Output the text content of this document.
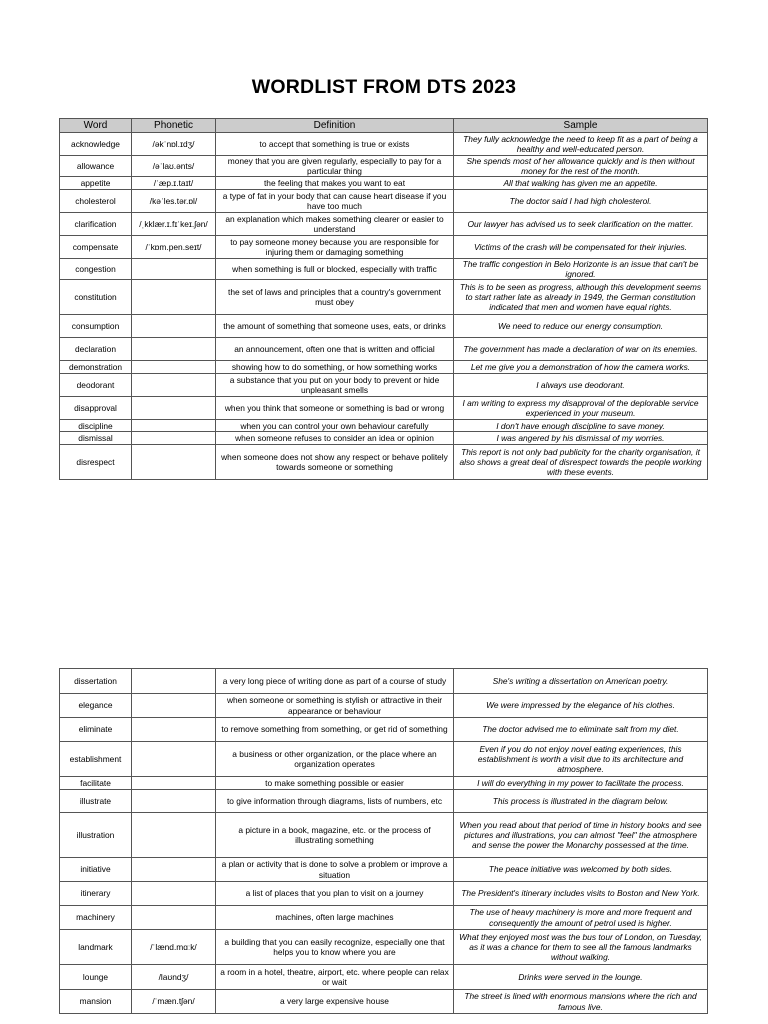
WORDLIST FROM DTS 2023
Word	Phonetic	Definition	Sample
acknowledge	/əkˈnɒl.ɪdʒ/	to accept that something is true or exists	They fully acknowledge the need to keep fit as a part of being a healthy and well-educated person.
allowance	/əˈlaʊ.ənts/	money that you are given regularly, especially to pay for a particular thing	She spends most of her allowance quickly and is then without money for the rest of the month.
appetite	/ˈæp.ɪ.taɪt/	the feeling that makes you want to eat	All that walking has given me an appetite.
cholesterol	/kəˈles.tər.ɒl/	a type of fat in your body that can cause heart disease if you have too much	The doctor said I had high cholesterol.
clarification	/ˌkklær.ɪ.fɪˈkeɪ.ʃən/	an explanation which makes something clearer or easier to understand	Our lawyer has advised us to seek clarification on the matter.
compensate	/ˈkɒm.pen.seɪt/	to pay someone money because you are responsible for injuring them or damaging something	Victims of the crash will be compensated for their injuries.
congestion		when something is full or blocked, especially with traffic	The traffic congestion in Belo Horizonte is an issue that can't be ignored.
constitution		the set of laws and principles that a country's government must obey	This is to be seen as progress, although this development seems to start rather late as already in 1949, the German constitution indicated that men and women have equal rights.
consumption		the amount of something that someone uses, eats, or drinks	We need to reduce our energy consumption.
declaration		an announcement, often one that is written and official	The government has made a declaration of war on its enemies.
demonstration		showing how to do something, or how something works	Let me give you a demonstration of how the camera works.
deodorant		a substance that you put on your body to prevent or hide unpleasant smells	I always use deodorant.
disapproval		when you think that someone or something is bad or wrong	I am writing to express my disapproval of the deplorable service experienced in your museum.
discipline		when you can control your own behaviour carefully	I don't have enough discipline to save money.
dismissal		when someone refuses to consider an idea or opinion	I was angered by his dismissal of my worries.
disrespect		when someone does not show any respect or behave politely towards someone or something	This report is not only bad publicity for the charity organisation, it also shows a great deal of disrespect towards the people working with these events.
dissertation		a very long piece of writing done as part of a course of study	She's writing a dissertation on American poetry.
elegance		when someone or something is stylish or attractive in their appearance or behaviour	We were impressed by the elegance of his clothes.
eliminate		to remove something from something, or get rid of something	The doctor advised me to eliminate salt from my diet.
establishment		a business or other organization, or the place where an organization operates	Even if you do not enjoy novel eating experiences, this establishment is worth a visit due to its architecture and atmosphere.
facilitate		to make something possible or easier	I will do everything in my power to facilitate the process.
illustrate		to give information through diagrams, lists of numbers, etc	This process is illustrated in the diagram below.
illustration		a picture in a book, magazine, etc. or the process of illustrating something	When you read about that period of time in history books and see pictures and illustrations, you can almost "feel" the atmosphere and sense the power the Monarchy possessed at the time.
initiative		a plan or activity that is done to solve a problem or improve a situation	The peace initiative was welcomed by both sides.
itinerary		a list of places that you plan to visit on a journey	The President's itinerary includes visits to Boston and New York.
machinery		machines, often large machines	The use of heavy machinery is more and more frequent and consequently the amount of petrol used is higher.
landmark	/ˈlænd.mɑːk/	a building that you can easily recognize, especially one that helps you to know where you are	What they enjoyed most was the bus tour of London, on Tuesday, as it was a chance for them to see all the famous landmarks without walking.
lounge	/laʊndʒ/	a room in a hotel, theatre, airport, etc. where people can relax or wait	Drinks were served in the lounge.
mansion	/ˈmæn.tʃən/	a very large expensive house	The street is lined with enormous mansions where the rich and famous live.
